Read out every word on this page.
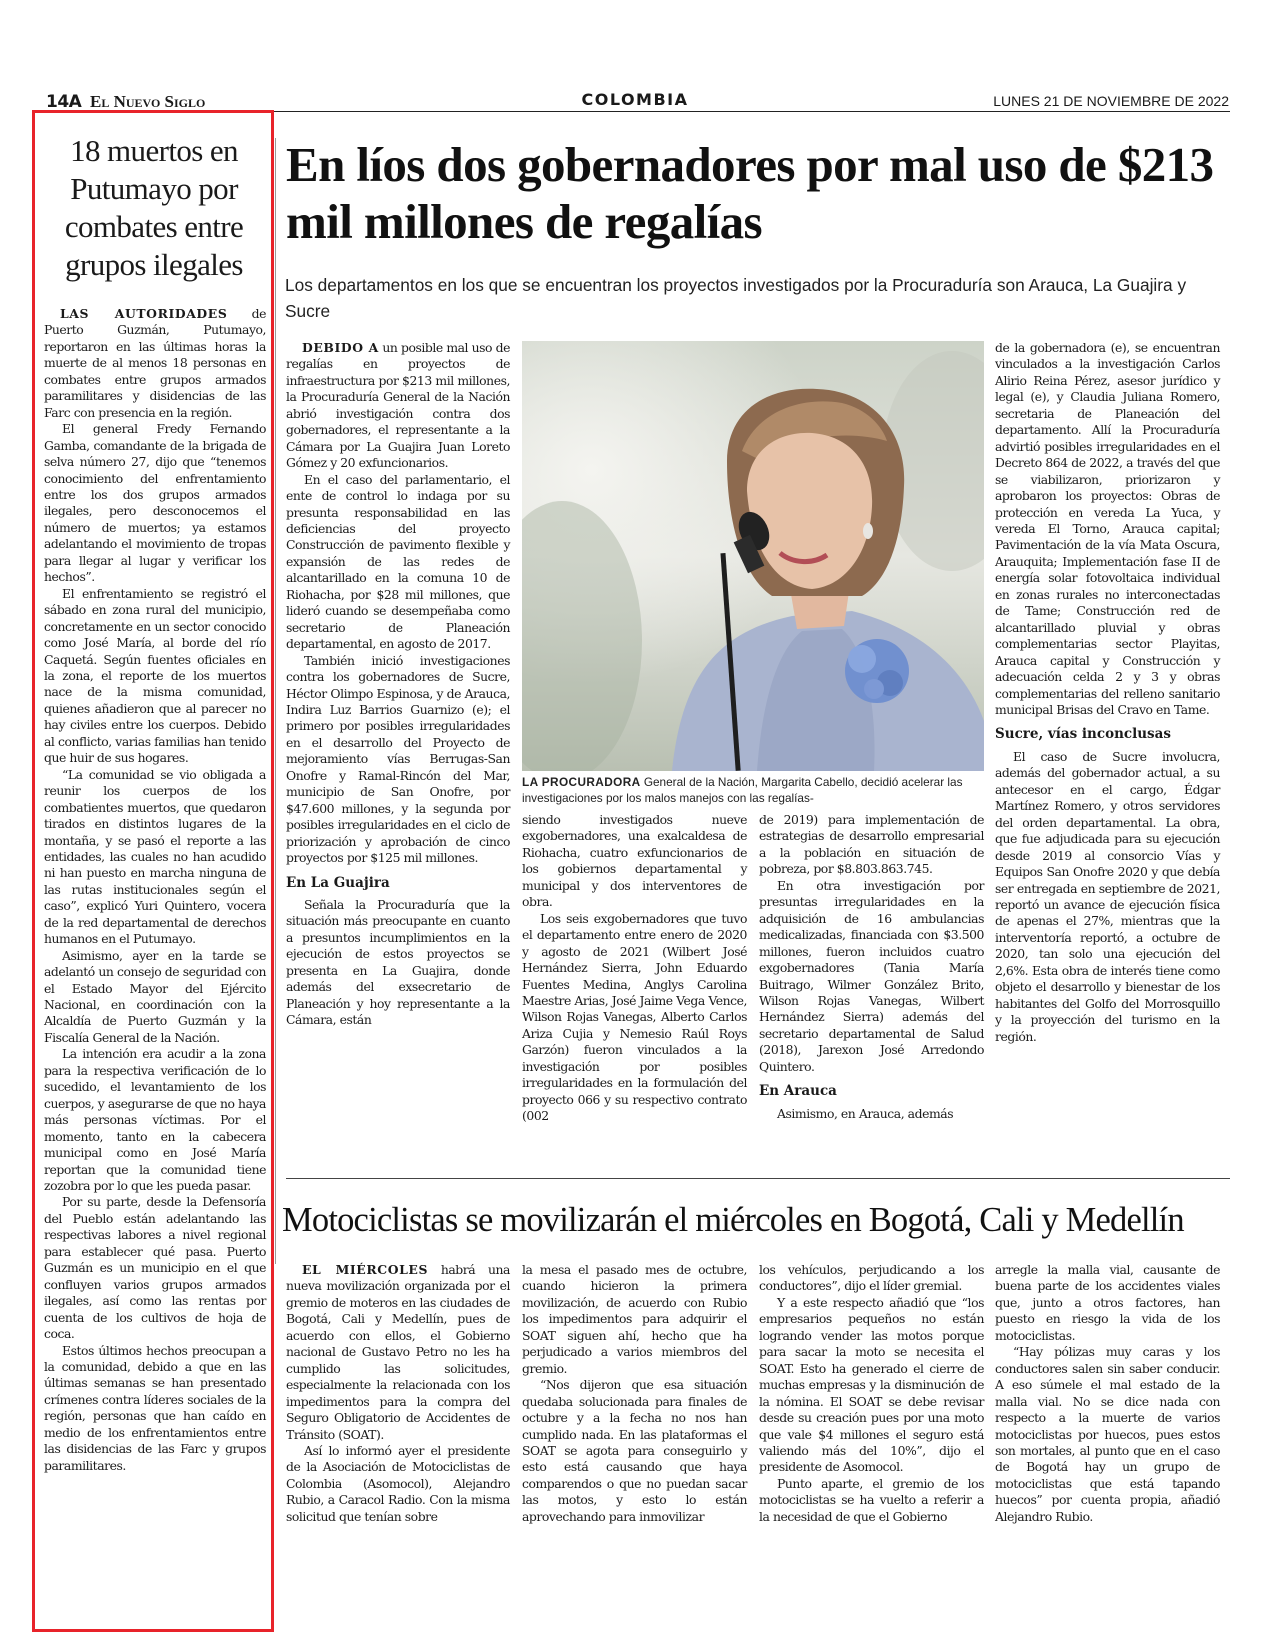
14A El Nuevo Siglo	COLOMBIA	LUNES 21 DE NOVIEMBRE DE 2022
18 muertos en Putumayo por combates entre grupos ilegales

LAS AUTORIDADES de Puerto Guzmán, Putumayo, reportaron en las últimas horas la muerte de al menos 18 personas en combates entre grupos armados paramilitares y disidencias de las Farc con presencia en la región.

El general Fredy Fernando Gamba, comandante de la brigada de selva número 27, dijo que “tenemos conocimiento del enfrentamiento entre los dos grupos armados ilegales, pero desconocemos el número de muertos; ya estamos adelantando el movimiento de tropas para llegar al lugar y verificar los hechos”.

El enfrentamiento se registró el sábado en zona rural del municipio, concretamente en un sector conocido como José María, al borde del río Caquetá. Según fuentes oficiales en la zona, el reporte de los muertos nace de la misma comunidad, quienes añadieron que al parecer no hay civiles entre los cuerpos. Debido al conflicto, varias familias han tenido que huir de sus hogares.

“La comunidad se vio obligada a reunir los cuerpos de los combatientes muertos, que quedaron tirados en distintos lugares de la montaña, y se pasó el reporte a las entidades, las cuales no han acudido ni han puesto en marcha ninguna de las rutas institucionales según el caso”, explicó Yuri Quintero, vocera de la red departamental de derechos humanos en el Putumayo.

Asimismo, ayer en la tarde se adelantó un consejo de seguridad con el Estado Mayor del Ejército Nacional, en coordinación con la Alcaldía de Puerto Guzmán y la Fiscalía General de la Nación.

La intención era acudir a la zona para la respectiva verificación de lo sucedido, el levantamiento de los cuerpos, y asegurarse de que no haya más personas víctimas. Por el momento, tanto en la cabecera municipal como en José María reportan que la comunidad tiene zozobra por lo que les pueda pasar.

Por su parte, desde la Defensoría del Pueblo están adelantando las respectivas labores a nivel regional para establecer qué pasa. Puerto Guzmán es un municipio en el que confluyen varios grupos armados ilegales, así como las rentas por cuenta de los cultivos de hoja de coca.

Estos últimos hechos preocupan a la comunidad, debido a que en las últimas semanas se han presentado crímenes contra líderes sociales de la región, personas que han caído en medio de los enfrentamientos entre las disidencias de las Farc y grupos paramilitares.

En líos dos gobernadores por mal uso de $213 mil millones de regalías
Los departamentos en los que se encuentran los proyectos investigados por la Procuraduría son Arauca, La Guajira y Sucre

DEBIDO A un posible mal uso de regalías en proyectos de infraestructura por $213 mil millones, la Procuraduría General de la Nación abrió investigación contra dos gobernadores, el representante a la Cámara por La Guajira Juan Loreto Gómez y 20 exfuncionarios.

En el caso del parlamentario, el ente de control lo indaga por su presunta responsabilidad en las deficiencias del proyecto Construcción de pavimento flexible y expansión de las redes de alcantarillado en la comuna 10 de Riohacha, por $28 mil millones, que lideró cuando se desempeñaba como secretario de Planeación departamental, en agosto de 2017.

También inició investigaciones contra los gobernadores de Sucre, Héctor Olimpo Espinosa, y de Arauca, Indira Luz Barrios Guarnizo (e); el primero por posibles irregularidades en el desarrollo del Proyecto de mejoramiento vías Berrugas-San Onofre y Ramal-Rincón del Mar, municipio de San Onofre, por $47.600 millones, y la segunda por posibles irregularidades en el ciclo de priorización y aprobación de cinco proyectos por $125 mil millones.

En La Guajira

Señala la Procuraduría que la situación más preocupante en cuanto a presuntos incumplimientos en la ejecución de estos proyectos se presenta en La Guajira, donde además del exsecretario de Planeación y hoy representante a la Cámara, están

LA PROCURADORA General de la Nación, Margarita Cabello, decidió acelerar las investigaciones por los malos manejos con las regalías-

siendo investigados nueve exgobernadores, una exalcaldesa de Riohacha, cuatro exfuncionarios de los gobiernos departamental y municipal y dos interventores de obra.

Los seis exgobernadores que tuvo el departamento entre enero de 2020 y agosto de 2021 (Wilbert José Hernández Sierra, John Eduardo Fuentes Medina, Anglys Carolina Maestre Arias, José Jaime Vega Vence, Wilson Rojas Vanegas, Alberto Carlos Ariza Cujia y Nemesio Raúl Roys Garzón) fueron vinculados a la investigación por posibles irregularidades en la formulación del proyecto 066 y su respectivo contrato (002

de 2019) para implementación de estrategias de desarrollo empresarial a la población en situación de pobreza, por $8.803.863.745.

En otra investigación por presuntas irregularidades en la adquisición de 16 ambulancias medicalizadas, financiada con $3.500 millones, fueron incluidos cuatro exgobernadores (Tania María Buitrago, Wilmer González Brito, Wilson Rojas Vanegas, Wilbert Hernández Sierra) además del secretario departamental de Salud (2018), Jarexon José Arredondo Quintero.

En Arauca

Asimismo, en Arauca, además

de la gobernadora (e), se encuentran vinculados a la investigación Carlos Alirio Reina Pérez, asesor jurídico y legal (e), y Claudia Juliana Romero, secretaria de Planeación del departamento. Allí la Procuraduría advirtió posibles irregularidades en el Decreto 864 de 2022, a través del que se viabilizaron, priorizaron y aprobaron los proyectos: Obras de protección en vereda La Yuca, y vereda El Torno, Arauca capital; Pavimentación de la vía Mata Oscura, Arauquita; Implementación fase II de energía solar fotovoltaica individual en zonas rurales no interconectadas de Tame; Construcción red de alcantarillado pluvial y obras complementarias sector Playitas, Arauca capital y Construcción y adecuación celda 2 y 3 y obras complementarias del relleno sanitario municipal Brisas del Cravo en Tame.

Sucre, vías inconclusas

El caso de Sucre involucra, además del gobernador actual, a su antecesor en el cargo, Édgar Martínez Romero, y otros servidores del orden departamental. La obra, que fue adjudicada para su ejecución desde 2019 al consorcio Vías y Equipos San Onofre 2020 y que debía ser entregada en septiembre de 2021, reportó un avance de ejecución física de apenas el 27%, mientras que la interventoría reportó, a octubre de 2020, tan solo una ejecución del 2,6%. Esta obra de interés tiene como objeto el desarrollo y bienestar de los habitantes del Golfo del Morrosquillo y la proyección del turismo en la región.

Motociclistas se movilizarán el miércoles en Bogotá, Cali y Medellín

EL MIÉRCOLES habrá una nueva movilización organizada por el gremio de moteros en las ciudades de Bogotá, Cali y Medellín, pues de acuerdo con ellos, el Gobierno nacional de Gustavo Petro no les ha cumplido las solicitudes, especialmente la relacionada con los impedimentos para la compra del Seguro Obligatorio de Accidentes de Tránsito (SOAT).

Así lo informó ayer el presidente de la Asociación de Motociclistas de Colombia (Asomocol), Alejandro Rubio, a Caracol Radio. Con la misma solicitud que tenían sobre

la mesa el pasado mes de octubre, cuando hicieron la primera movilización, de acuerdo con Rubio los impedimentos para adquirir el SOAT siguen ahí, hecho que ha perjudicado a varios miembros del gremio.

“Nos dijeron que esa situación quedaba solucionada para finales de octubre y a la fecha no nos han cumplido nada. En las plataformas el SOAT se agota para conseguirlo y esto está causando que haya comparendos o que no puedan sacar las motos, y esto lo están aprovechando para inmovilizar

los vehículos, perjudicando a los conductores”, dijo el líder gremial.

Y a este respecto añadió que “los empresarios pequeños no están logrando vender las motos porque para sacar la moto se necesita el SOAT. Esto ha generado el cierre de muchas empresas y la disminución de la nómina. El SOAT se debe revisar desde su creación pues por una moto que vale $4 millones el seguro está valiendo más del 10%”, dijo el presidente de Asomocol.

Punto aparte, el gremio de los motociclistas se ha vuelto a referir a la necesidad de que el Gobierno

arregle la malla vial, causante de buena parte de los accidentes viales que, junto a otros factores, han puesto en riesgo la vida de los motociclistas.

“Hay pólizas muy caras y los conductores salen sin saber conducir. A eso súmele el mal estado de la malla vial. No se dice nada con respecto a la muerte de varios motociclistas por huecos, pues estos son mortales, al punto que en el caso de Bogotá hay un grupo de motociclistas que está tapando huecos” por cuenta propia, añadió Alejandro Rubio.
